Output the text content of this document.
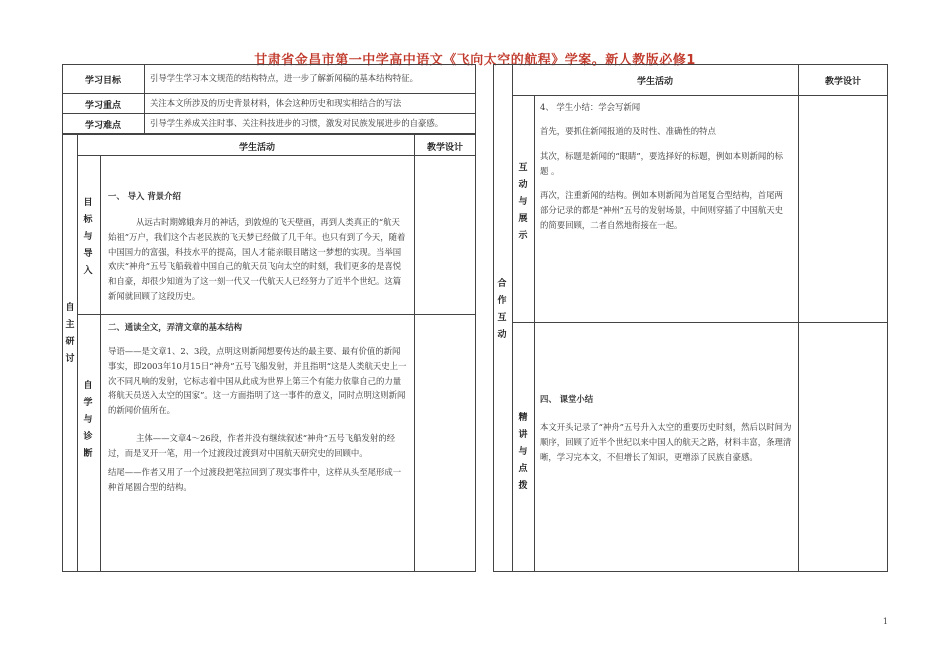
甘肃省金昌市第一中学高中语文《飞向太空的航程》学案。新人教版必修1
学习目标	引导学生学习本文规范的结构特点，进一步了解新闻稿的基本结构特征。
学习重点	关注本文所涉及的历史背景材料，体会这种历史和现实相结合的写法
学习难点	引导学生养成关注时事、关注科技进步的习惯，激发对民族发展进步的自豪感。
自主研讨
学生活动	教学设计
目标与导入
一、 导入 背景介绍
从远古时期嫦娥奔月的神话，到敦煌的飞天壁画，再到人类真正的“航天始祖”万户，我们这个古老民族的飞天梦已经做了几千年。也只有到了今天，随着中国国力的富强，科技水平的提高，国人才能亲眼目睹这一梦想的实现。当举国欢庆“神舟”五号飞船载着中国自己的航天员飞向太空的时刻，我们更多的是喜悦和自豪，却很少知道为了这一刻一代又一代航天人已经努力了近半个世纪。这篇新闻就回顾了这段历史。
自学与诊断
二、通读全文，弄清文章的基本结构
导语——是文章1、2、3段，点明这则新闻想要传达的最主要、最有价值的新闻事实，即2003年10月15日“神舟”五号飞船发射，并且指明“这是人类航天史上一次不同凡响的发射，它标志着中国从此成为世界上第三个有能力依靠自己的力量将航天员送入太空的国家”。这一方面指明了这一事件的意义，同时点明这则新闻的新闻价值所在。
主体——文章4～26段，作者并没有继续叙述“神舟”五号飞船发射的经过，而是叉开一笔，用一个过渡段过渡到对中国航天研究史的回顾中。
结尾——作者又用了一个过渡段把笔拉回到了现实事件中，这样从头至尾形成一种首尾圆合型的结构。
合作互动
学生活动	教学设计
互动与展示
4、 学生小结：学会写新闻
首先，要抓住新闻报道的及时性、准确性的特点
其次，标题是新闻的“眼睛”，要选择好的标题，例如本则新闻的标题 。
再次，注重新闻的结构。例如本则新闻为首尾复合型结构，首尾两部分记录的都是“神州”五号的发射场景，中间则穿插了中国航天史的简要回顾，二者自然地衔接在一起。
精讲与点拨
四、 课堂小结
本文开头记录了“神舟”五号升入太空的重要历史时刻，然后以时间为顺序，回顾了近半个世纪以来中国人的航天之路，材料丰富，条理清晰，学习完本文，不但增长了知识，更增添了民族自豪感。
1
